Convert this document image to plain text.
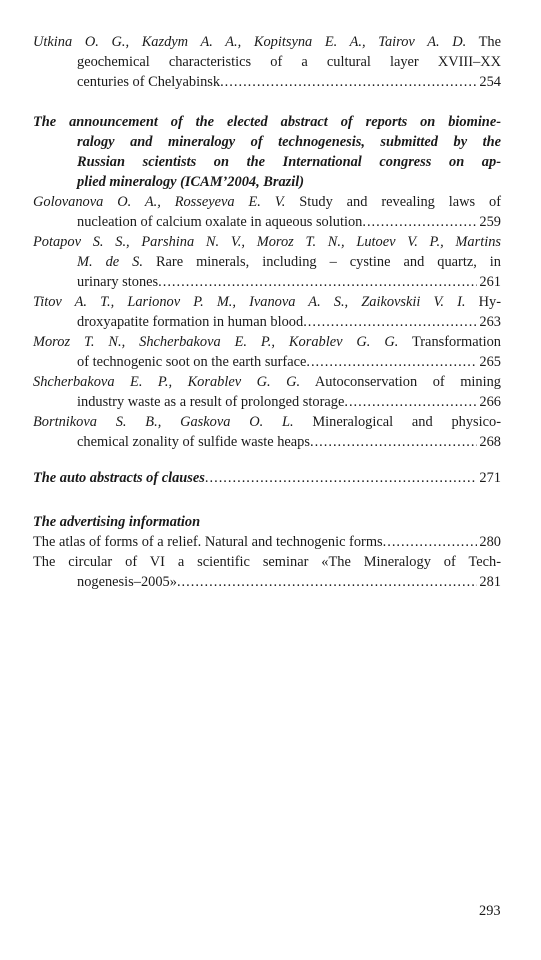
Utkina O. G., Kazdym A. A., Kopitsyna E. A., Tairov A. D. The
geochemical characteristics of a cultural layer XVIII–XX
centuries of Chelyabinsk .....	254
The announcement of the elected abstract of reports on biomine-
ralogy and mineralogy of technogenesis, submitted by the
Russian scientists on the International congress on ap-
plied mineralogy (ICAM’2004, Brazil)
Golovanova O. A., Rosseyeva E. V. Study and revealing laws of
nucleation of calcium oxalate in aqueous solution .....	259
Potapov S. S., Parshina N. V., Moroz T. N., Lutoev V. P., Martins
M. de S. Rare minerals, including – cystine and quartz, in
urinary stones .....	261
Titov A. T., Larionov P. M., Ivanova A. S., Zaikovskii V. I. Hy-
droxyapatite formation in human blood .....	263
Moroz T. N., Shcherbakova E. P., Korablev G. G. Transformation
of technogenic soot on the earth surface .....	265
Shcherbakova E. P., Korablev G. G. Autoconservation of mining
industry waste as a result of prolonged storage .....	266
Bortnikova S. B., Gaskova O. L. Mineralogical and physico-
chemical zonality of sulfide waste heaps .....	268
The auto abstracts of clauses .....	271
The advertising information
The atlas of forms of a relief. Natural and technogenic forms .....	280
The circular of VI a scientific seminar «The Mineralogy of Tech-
nogenesis–2005» .....	281
293
